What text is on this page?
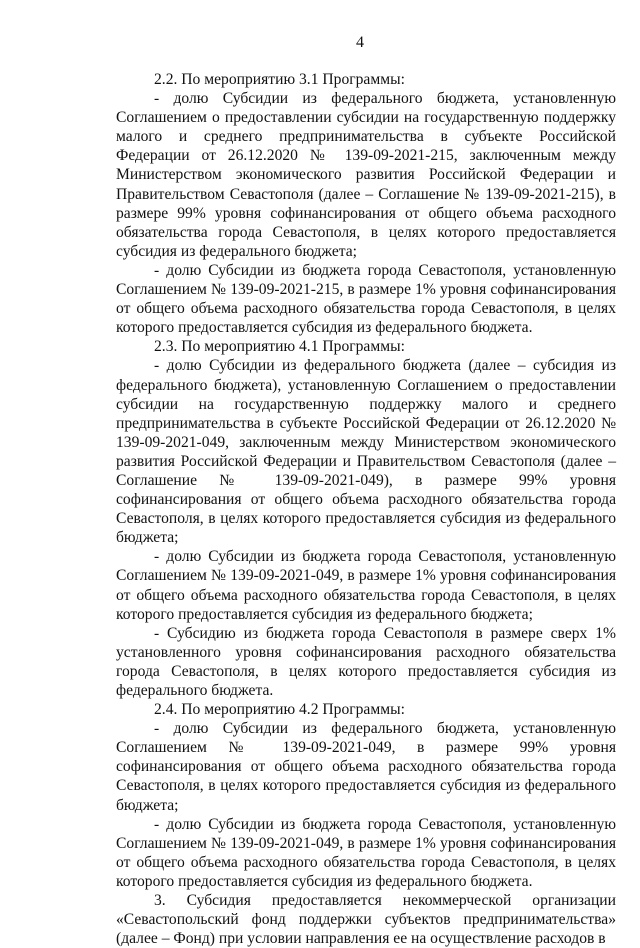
4

2.2. По мероприятию 3.1 Программы:

- долю Субсидии из федерального бюджета, установленную Соглашением о предоставлении субсидии на государственную поддержку малого и среднего предпринимательства в субъекте Российской Федерации от 26.12.2020 № 139-09-2021-215, заключенным между Министерством экономического развития Российской Федерации и Правительством Севастополя (далее – Соглашение № 139-09-2021-215), в размере 99% уровня софинансирования от общего объема расходного обязательства города Севастополя, в целях которого предоставляется субсидия из федерального бюджета;

- долю Субсидии из бюджета города Севастополя, установленную Соглашением № 139-09-2021-215, в размере 1% уровня софинансирования от общего объема расходного обязательства города Севастополя, в целях которого предоставляется субсидия из федерального бюджета.

2.3. По мероприятию 4.1 Программы:

- долю Субсидии из федерального бюджета (далее – субсидия из федерального бюджета), установленную Соглашением о предоставлении субсидии на государственную поддержку малого и среднего предпринимательства в субъекте Российской Федерации от 26.12.2020 № 139-09-2021-049, заключенным между Министерством экономического развития Российской Федерации и Правительством Севастополя (далее – Соглашение № 139-09-2021-049), в размере 99% уровня софинансирования от общего объема расходного обязательства города Севастополя, в целях которого предоставляется субсидия из федерального бюджета;

- долю Субсидии из бюджета города Севастополя, установленную Соглашением № 139-09-2021-049, в размере 1% уровня софинансирования от общего объема расходного обязательства города Севастополя, в целях которого предоставляется субсидия из федерального бюджета;

- Субсидию из бюджета города Севастополя в размере сверх 1% установленного уровня софинансирования расходного обязательства города Севастополя, в целях которого предоставляется субсидия из федерального бюджета.

2.4. По мероприятию 4.2 Программы:

- долю Субсидии из федерального бюджета, установленную Соглашением № 139-09-2021-049, в размере 99% уровня софинансирования от общего объема расходного обязательства города Севастополя, в целях которого предоставляется субсидия из федерального бюджета;

- долю Субсидии из бюджета города Севастополя, установленную Соглашением № 139-09-2021-049, в размере 1% уровня софинансирования от общего объема расходного обязательства города Севастополя, в целях которого предоставляется субсидия из федерального бюджета.

3. Субсидия предоставляется некоммерческой организации «Севастопольский фонд поддержки субъектов предпринимательства» (далее – Фонд) при условии направления ее на осуществление расходов в
